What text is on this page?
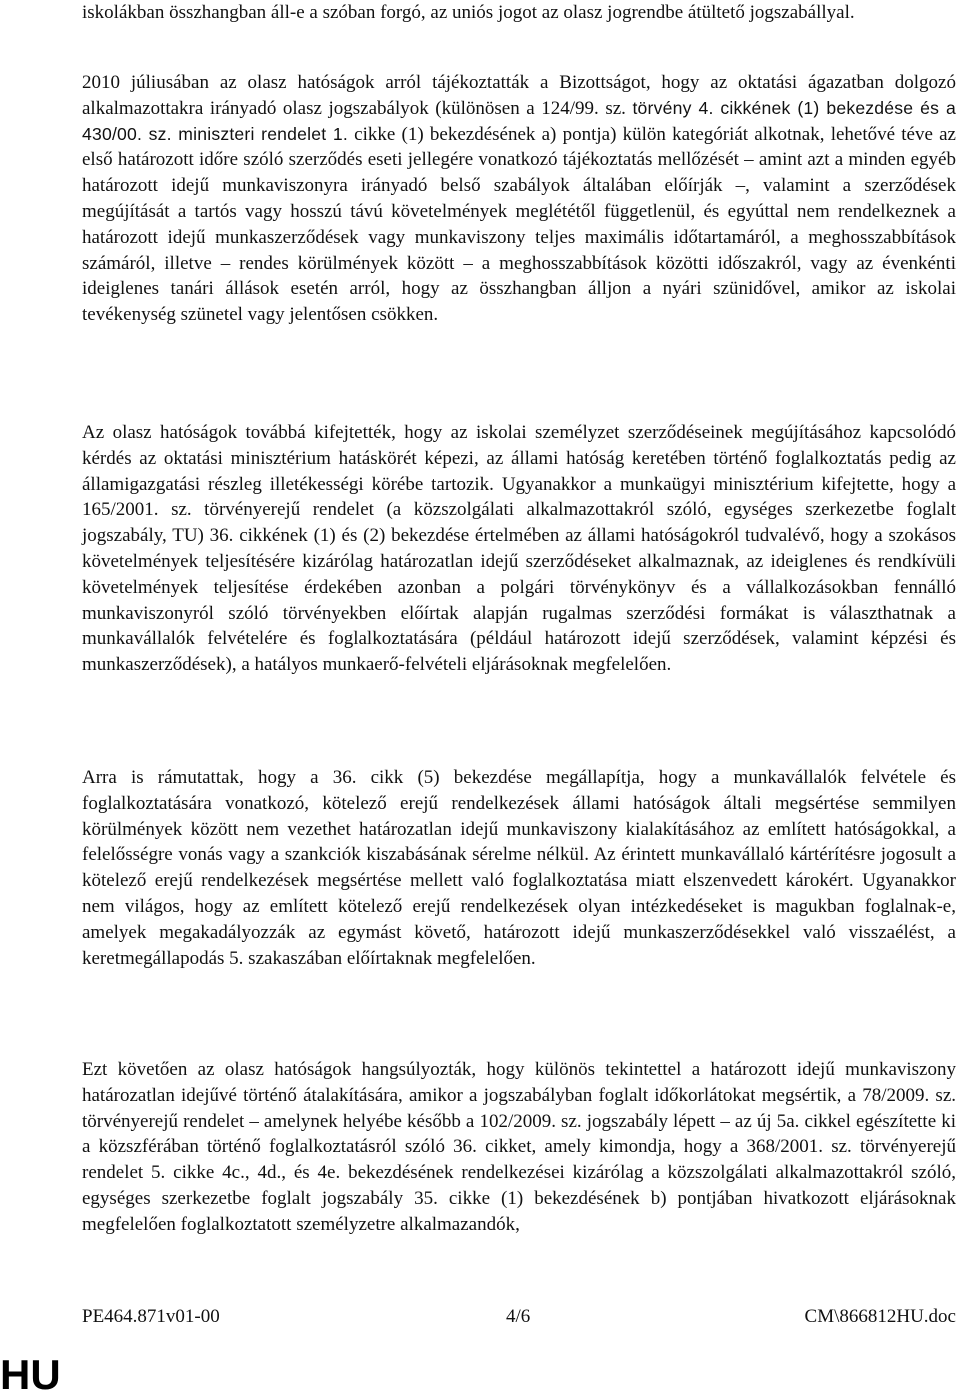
iskolákban összhangban áll-e a szóban forgó, az uniós jogot az olasz jogrendbe átültető jogszabállyal.

2010 júliusában az olasz hatóságok arról tájékoztatták a Bizottságot, hogy az oktatási ágazatban dolgozó alkalmazottakra irányadó olasz jogszabályok (különösen a 124/99. sz. törvény 4. cikkének (1) bekezdése és a 430/00. sz. miniszteri rendelet 1. cikke (1) bekezdésének a) pontja) külön kategóriát alkotnak, lehetővé téve az első határozott időre szóló szerződés eseti jellegére vonatkozó tájékoztatás mellőzését – amint azt a minden egyéb határozott idejű munkaviszonyra irányadó belső szabályok általában előírják –, valamint a szerződések megújítását a tartós vagy hosszú távú követelmények meglététől függetlenül, és egyúttal nem rendelkeznek a határozott idejű munkaszerződések vagy munkaviszony teljes maximális időtartamáról, a meghosszabbítások számáról, illetve – rendes körülmények között – a meghosszabbítások közötti időszakról, vagy az évenkénti ideiglenes tanári állások esetén arról, hogy az összhangban álljon a nyári szünidővel, amikor az iskolai tevékenység szünetel vagy jelentősen csökken.

Az olasz hatóságok továbbá kifejtették, hogy az iskolai személyzet szerződéseinek megújításához kapcsolódó kérdés az oktatási minisztérium hatáskörét képezi, az állami hatóság keretében történő foglalkoztatás pedig az államigazgatási részleg illetékességi körébe tartozik. Ugyanakkor a munkaügyi minisztérium kifejtette, hogy a 165/2001. sz. törvényerejű rendelet (a közszolgálati alkalmazottakról szóló, egységes szerkezetbe foglalt jogszabály, TU) 36. cikkének (1) és (2) bekezdése értelmében az állami hatóságokról tudvalévő, hogy a szokásos követelmények teljesítésére kizárólag határozatlan idejű szerződéseket alkalmaznak, az ideiglenes és rendkívüli követelmények teljesítése érdekében azonban a polgári törvénykönyv és a vállalkozásokban fennálló munkaviszonyról szóló törvényekben előírtak alapján rugalmas szerződési formákat is választhatnak a munkavállalók felvételére és foglalkoztatására (például határozott idejű szerződések, valamint képzési és munkaszerződések), a hatályos munkaerő-felvételi eljárásoknak megfelelően.

Arra is rámutattak, hogy a 36. cikk (5) bekezdése megállapítja, hogy a munkavállalók felvétele és foglalkoztatására vonatkozó, kötelező erejű rendelkezések állami hatóságok általi megsértése semmilyen körülmények között nem vezethet határozatlan idejű munkaviszony kialakításához az említett hatóságokkal, a felelősségre vonás vagy a szankciók kiszabásának sérelme nélkül. Az érintett munkavállaló kártérítésre jogosult a kötelező erejű rendelkezések megsértése mellett való foglalkoztatása miatt elszenvedett károkért. Ugyanakkor nem világos, hogy az említett kötelező erejű rendelkezések olyan intézkedéseket is magukban foglalnak-e, amelyek megakadályozzák az egymást követő, határozott idejű munkaszerződésekkel való visszaélést, a keretmegállapodás 5. szakaszában előírtaknak megfelelően.

Ezt követően az olasz hatóságok hangsúlyozták, hogy különös tekintettel a határozott idejű munkaviszony határozatlan idejűvé történő átalakítására, amikor a jogszabályban foglalt időkorlátokat megsértik, a 78/2009. sz. törvényerejű rendelet – amelynek helyébe később a 102/2009. sz. jogszabály lépett – az új 5a. cikkel egészítette ki a közszférában történő foglalkoztatásról szóló 36. cikket, amely kimondja, hogy a 368/2001. sz. törvényerejű rendelet 5. cikke 4c., 4d., és 4e. bekezdésének rendelkezései kizárólag a közszolgálati alkalmazottakról szóló, egységes szerkezetbe foglalt jogszabály 35. cikke (1) bekezdésének b) pontjában hivatkozott eljárásoknak megfelelően foglalkoztatott személyzetre alkalmazandók,

PE464.871v01-00	4/6	CM\866812HU.doc
HU
